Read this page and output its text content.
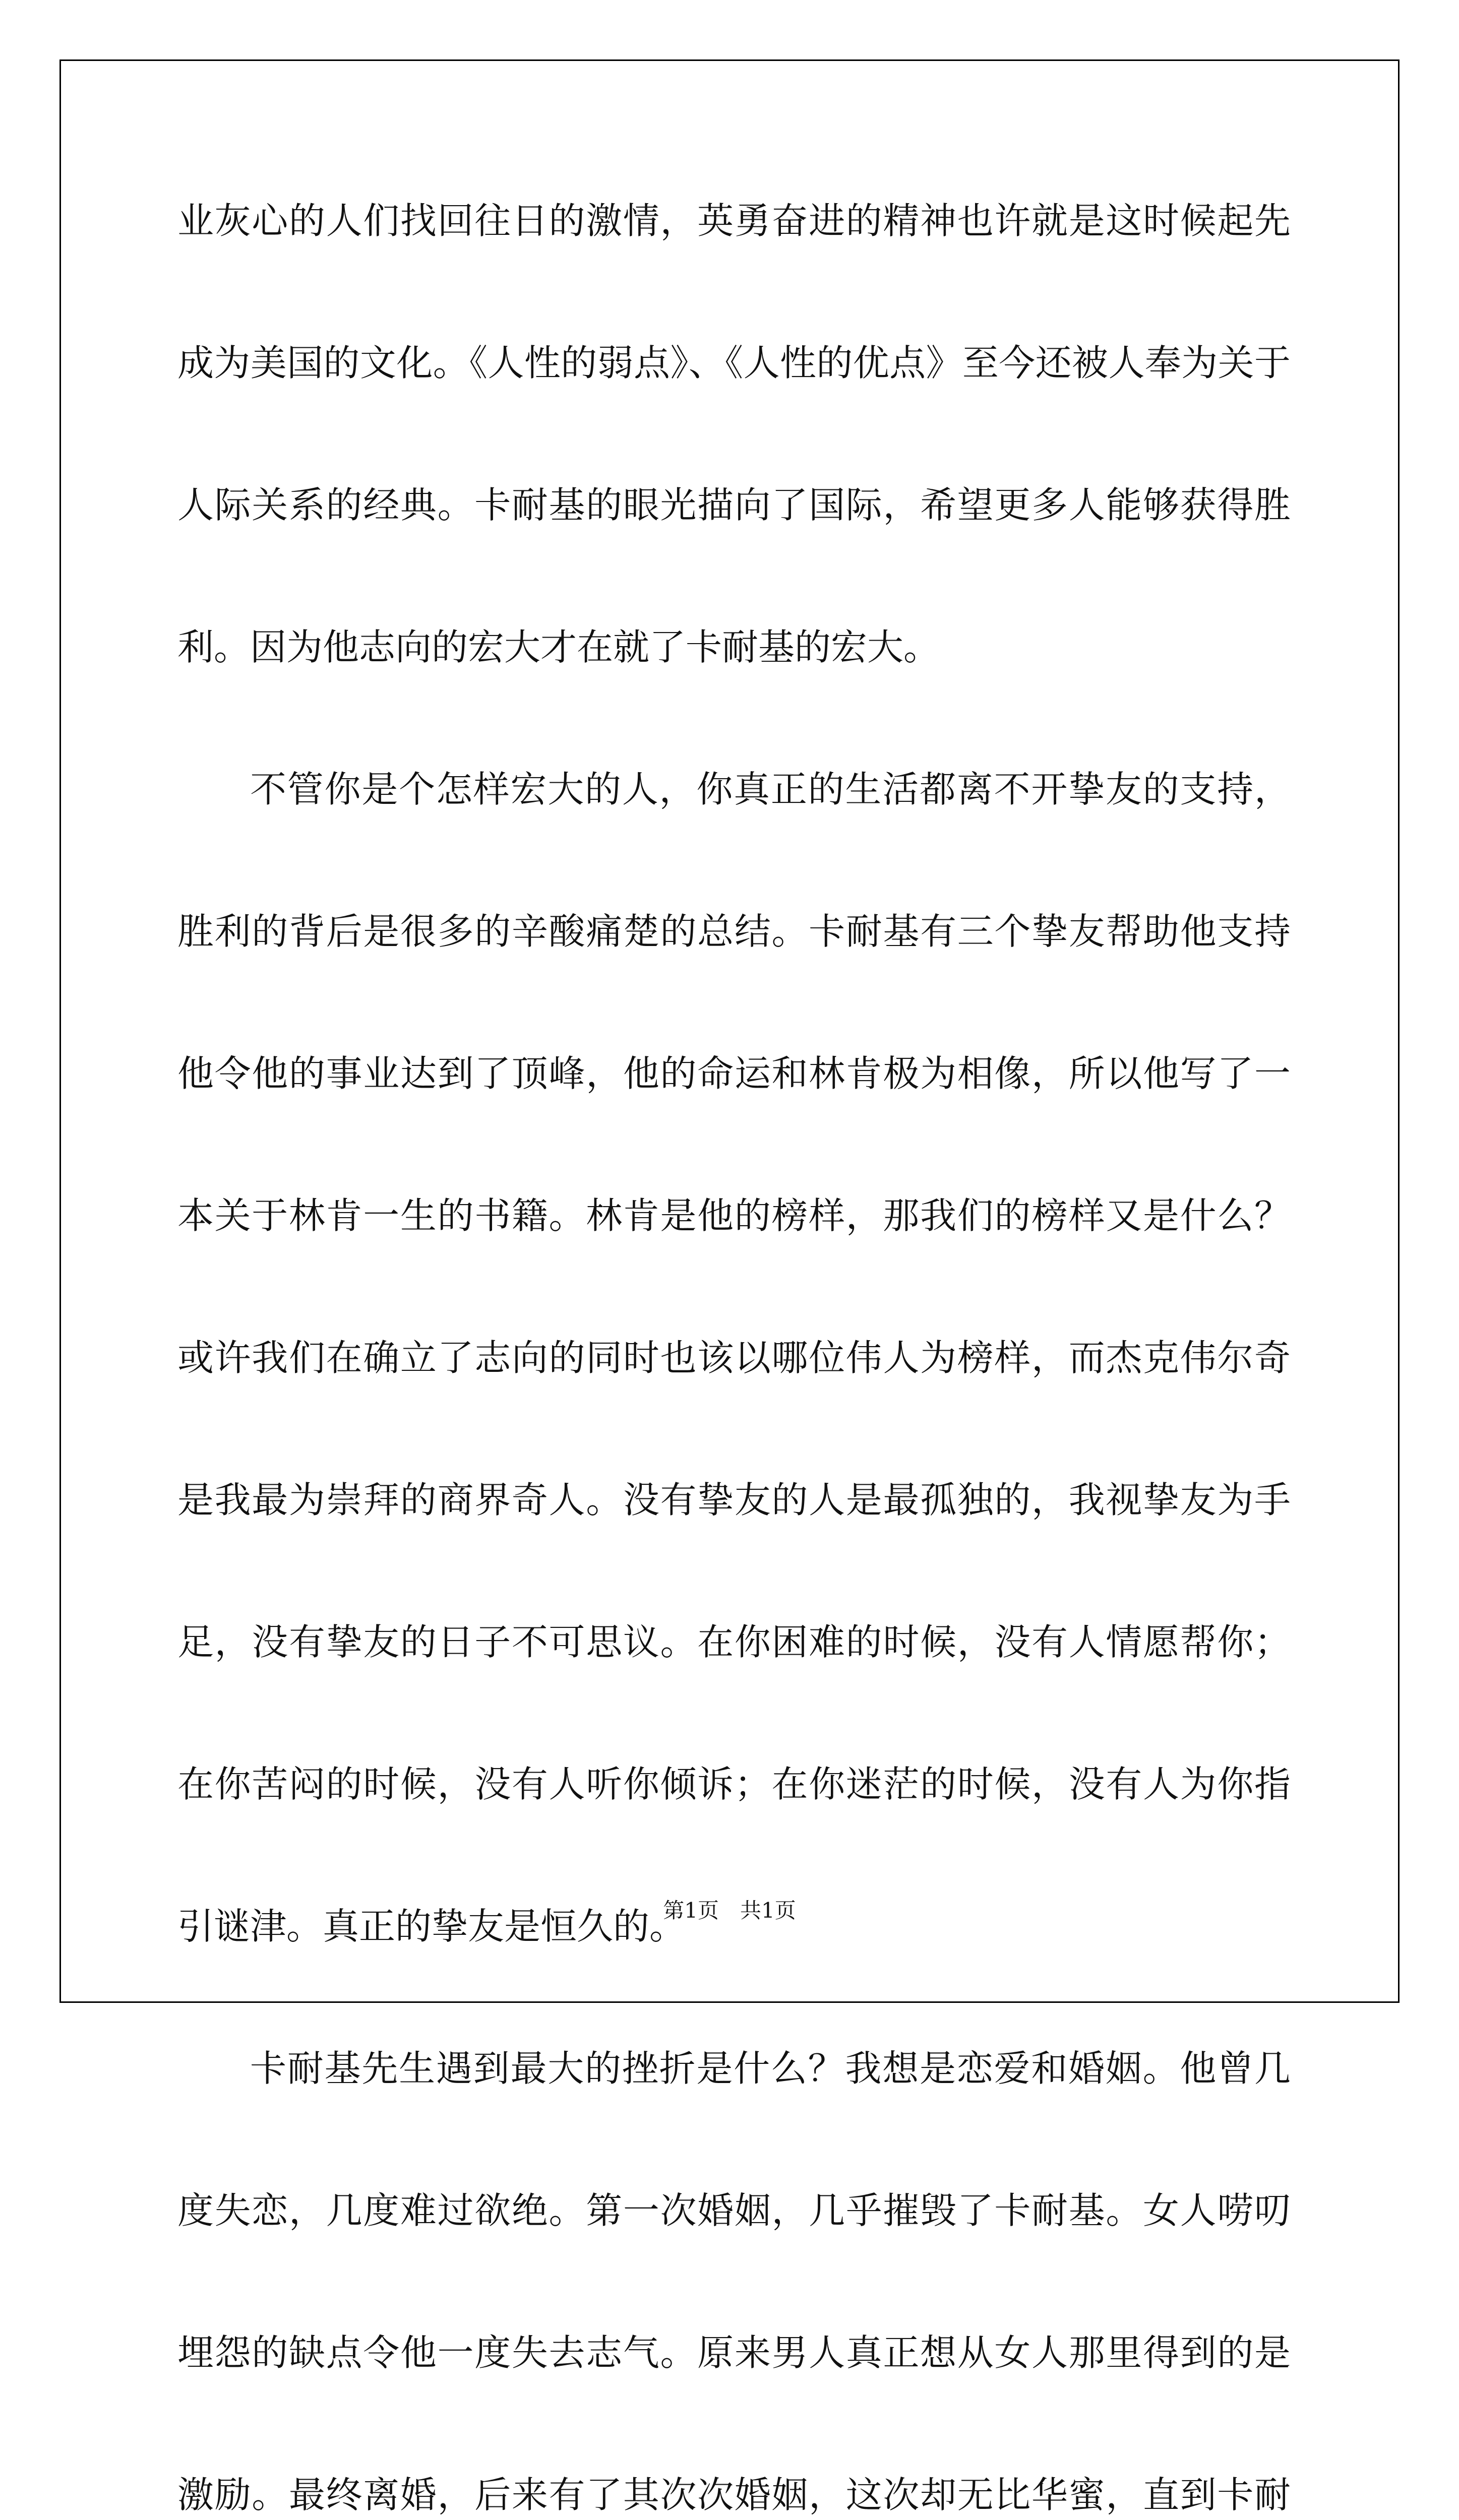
业灰心的人们找回往日的激情，英勇奋进的精神也许就是这时候起先
成为美国的文化。《人性的弱点》、《人性的优点》至今还被人奉为关于
人际关系的经典。卡耐基的眼光描向了国际，希望更多人能够获得胜
利。因为他志向的宏大才在就了卡耐基的宏大。
不管你是个怎样宏大的人，你真正的生活都离不开挚友的支持，
胜利的背后是很多的辛酸痛楚的总结。卡耐基有三个挚友帮助他支持
他令他的事业达到了顶峰，他的命运和林肯极为相像，所以他写了一
本关于林肯一生的书籍。林肯是他的榜样，那我们的榜样又是什么？
或许我们在确立了志向的同时也该以哪位伟人为榜样，而杰克伟尔奇
是我最为崇拜的商界奇人。没有挚友的人是最孤独的，我视挚友为手
足，没有挚友的日子不可思议。在你困难的时候，没有人情愿帮你；
在你苦闷的时候，没有人听你倾诉；在你迷茫的时候，没有人为你指
引谜津。真正的挚友是恒久的。
卡耐基先生遇到最大的挫折是什么？我想是恋爱和婚姻。他曾几
度失恋，几度难过欲绝。第一次婚姻，几乎摧毁了卡耐基。女人唠叨
埋怨的缺点令他一度失去志气。原来男人真正想从女人那里得到的是
激励。最终离婚，后来有了其次次婚姻，这次却无比华蜜，直到卡耐
第1页　共1页
